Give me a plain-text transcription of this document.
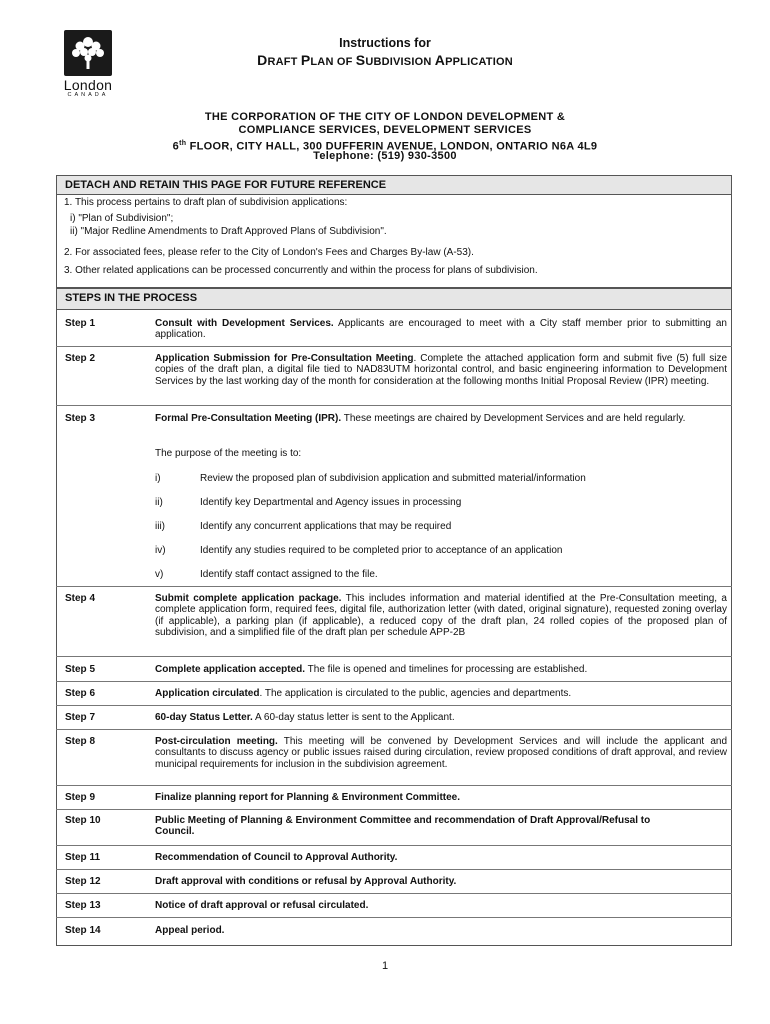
London
CANADA
Instructions for
DRAFT PLAN OF SUBDIVISION APPLICATION
THE CORPORATION OF THE CITY OF LONDON DEVELOPMENT &
COMPLIANCE SERVICES, DEVELOPMENT SERVICES
6th FLOOR, CITY HALL, 300 DUFFERIN AVENUE, LONDON, ONTARIO N6A 4L9
Telephone: (519) 930-3500
DETACH AND RETAIN THIS PAGE FOR FUTURE REFERENCE
1. This process pertains to draft plan of subdivision applications:
i) "Plan of Subdivision";
ii) "Major Redline Amendments to Draft Approved Plans of Subdivision".
2. For associated fees, please refer to the City of London's Fees and Charges By-law (A-53).
3. Other related applications can be processed concurrently and within the process for plans of subdivision.
STEPS IN THE PROCESS
Step 1	Consult with Development Services. Applicants are encouraged to meet with a City staff member prior to submitting an application.
Step 2	Application Submission for Pre-Consultation Meeting. Complete the attached application form and submit five (5) full size copies of the draft plan, a digital file tied to NAD83UTM horizontal control, and basic engineering information to Development Services by the last working day of the month for consideration at the following months Initial Proposal Review (IPR) meeting.
Step 3	Formal Pre-Consultation Meeting (IPR). These meetings are chaired by Development Services and are held regularly.
The purpose of the meeting is to:
i)	Review the proposed plan of subdivision application and submitted material/information
ii)	Identify key Departmental and Agency issues in processing
iii)	Identify any concurrent applications that may be required
iv)	Identify any studies required to be completed prior to acceptance of an application
v)	Identify staff contact assigned to the file.
Step 4	Submit complete application package. This includes information and material identified at the Pre-Consultation meeting, a complete application form, required fees, digital file, authorization letter (with dated, original signature), requested zoning overlay (if applicable), a parking plan (if applicable), a reduced copy of the draft plan, 24 rolled copies of the proposed plan of subdivision, and a simplified file of the draft plan per schedule APP-2B
Step 5	Complete application accepted. The file is opened and timelines for processing are established.
Step 6	Application circulated. The application is circulated to the public, agencies and departments.
Step 7	60-day Status Letter. A 60-day status letter is sent to the Applicant.
Step 8	Post-circulation meeting. This meeting will be convened by Development Services and will include the applicant and consultants to discuss agency or public issues raised during circulation, review proposed conditions of draft approval, and review municipal requirements for inclusion in the subdivision agreement.
Step 9	Finalize planning report for Planning & Environment Committee.
Step 10	Public Meeting of Planning & Environment Committee and recommendation of Draft Approval/Refusal to Council.
Step 11	Recommendation of Council to Approval Authority.
Step 12	Draft approval with conditions or refusal by Approval Authority.
Step 13	Notice of draft approval or refusal circulated.
Step 14	Appeal period.
1
